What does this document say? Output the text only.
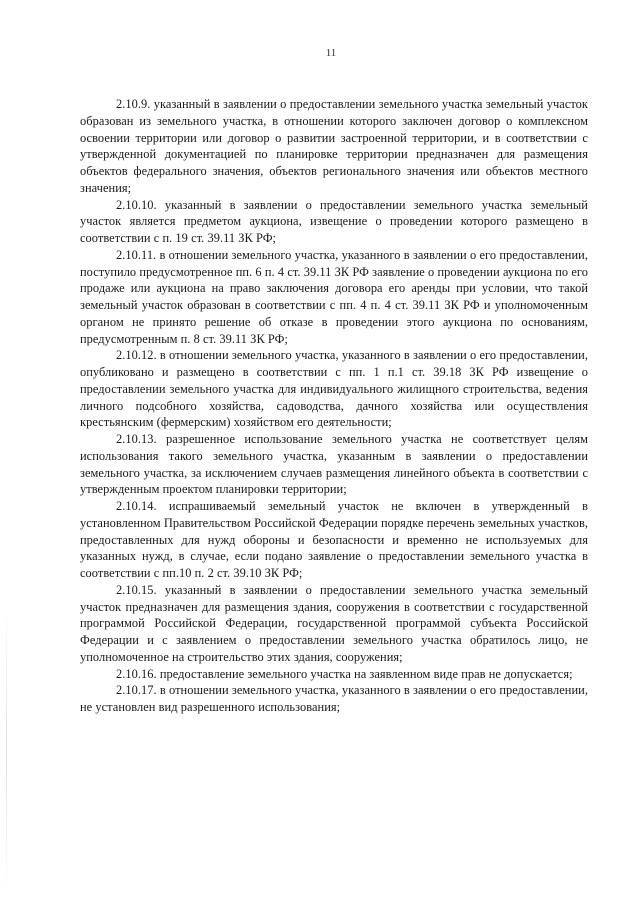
11

2.10.9. указанный в заявлении о предоставлении земельного участка земельный участок образован из земельного участка, в отношении которого заключен договор о комплексном освоении территории или договор о развитии застроенной территории, и в соответствии с утвержденной документацией по планировке территории предназначен для размещения объектов федерального значения, объектов регионального значения или объектов местного значения;

2.10.10. указанный в заявлении о предоставлении земельного участка земельный участок является предметом аукциона, извещение о проведении которого размещено в соответствии с п. 19 ст. 39.11 ЗК РФ;

2.10.11. в отношении земельного участка, указанного в заявлении о его предоставлении, поступило предусмотренное пп. 6 п. 4 ст. 39.11 ЗК РФ заявление о проведении аукциона по его продаже или аукциона на право заключения договора его аренды при условии, что такой земельный участок образован в соответствии с пп. 4 п. 4 ст. 39.11 ЗК РФ и уполномоченным органом не принято решение об отказе в проведении этого аукциона по основаниям, предусмотренным п. 8 ст. 39.11 ЗК РФ;

2.10.12. в отношении земельного участка, указанного в заявлении о его предоставлении, опубликовано и размещено в соответствии с пп. 1 п.1 ст. 39.18 ЗК РФ извещение о предоставлении земельного участка для индивидуального жилищного строительства, ведения личного подсобного хозяйства, садоводства, дачного хозяйства или осуществления крестьянским (фермерским) хозяйством его деятельности;

2.10.13. разрешенное использование земельного участка не соответствует целям использования такого земельного участка, указанным в заявлении о предоставлении земельного участка, за исключением случаев размещения линейного объекта в соответствии с утвержденным проектом планировки территории;

2.10.14. испрашиваемый земельный участок не включен в утвержденный в установленном Правительством Российской Федерации порядке перечень земельных участков, предоставленных для нужд обороны и безопасности и временно не используемых для указанных нужд, в случае, если подано заявление о предоставлении земельного участка в соответствии с пп.10 п. 2 ст. 39.10 ЗК РФ;

2.10.15. указанный в заявлении о предоставлении земельного участка земельный участок предназначен для размещения здания, сооружения в соответствии с государственной программой Российской Федерации, государственной программой субъекта Российской Федерации и с заявлением о предоставлении земельного участка обратилось лицо, не уполномоченное на строительство этих здания, сооружения;

2.10.16. предоставление земельного участка на заявленном виде прав не допускается;

2.10.17. в отношении земельного участка, указанного в заявлении о его предоставлении, не установлен вид разрешенного использования;
